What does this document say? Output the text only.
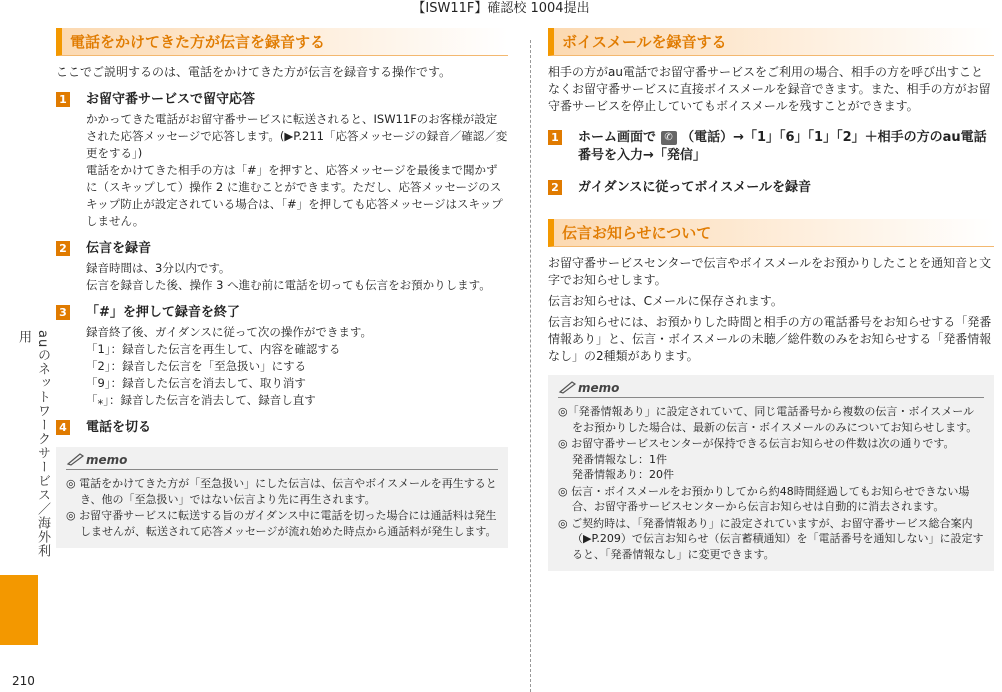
【ISW11F】確認校 1004提出
auのネットワークサービス／海外利用
210
電話をかけてきた方が伝言を録音する

ここでご説明するのは、電話をかけてきた方が伝言を録音する操作です。

1 お留守番サービスで留守応答
かかってきた電話がお留守番サービスに転送されると、ISW11Fのお客様が設定された応答メッセージで応答します。(▶P.211「応答メッセージの録音／確認／変更をする」)
電話をかけてきた相手の方は「#」を押すと、応答メッセージを最後まで聞かずに（スキップして）操作 2 に進むことができます。ただし、応答メッセージのスキップ防止が設定されている場合は、「#」を押しても応答メッセージはスキップしません。
2 伝言を録音
録音時間は、3分以内です。
伝言を録音した後、操作 3 へ進む前に電話を切っても伝言をお預かりします。
3 「#」を押して録音を終了
録音終了後、ガイダンスに従って次の操作ができます。
「1」：録音した伝言を再生して、内容を確認する
「2」：録音した伝言を「至急扱い」にする
「9」：録音した伝言を消去して、取り消す
「⁎」：録音した伝言を消去して、録音し直す
4 電話を切る
memo
◎ 電話をかけてきた方が「至急扱い」にした伝言は、伝言やボイスメールを再生するとき、他の「至急扱い」ではない伝言より先に再生されます。
◎ お留守番サービスに転送する旨のガイダンス中に電話を切った場合には通話料は発生しませんが、転送されて応答メッセージが流れ始めた時点から通話料が発生します。
ボイスメールを録音する

相手の方がau電話でお留守番サービスをご利用の場合、相手の方を呼び出すことなくお留守番サービスに直接ボイスメールを録音できます。また、相手の方がお留守番サービスを停止していてもボイスメールを残すことができます。

1 ホーム画面で ✆ （電話）→「1」「6」「1」「2」＋相手の方のau電話番号を入力→「発信」
2 ガイダンスに従ってボイスメールを録音
伝言お知らせについて

お留守番サービスセンターで伝言やボイスメールをお預かりしたことを通知音と文字でお知らせします。

伝言お知らせは、Cメールに保存されます。

伝言お知らせには、お預かりした時間と相手の方の電話番号をお知らせする「発番情報あり」と、伝言・ボイスメールの未聴／総件数のみをお知らせする「発番情報なし」の2種類があります。

memo
◎「発番情報あり」に設定されていて、同じ電話番号から複数の伝言・ボイスメールをお預かりした場合は、最新の伝言・ボイスメールのみについてお知らせします。
◎ お留守番サービスセンターが保持できる伝言お知らせの件数は次の通りです。
発番情報なし：1件
発番情報あり：20件
◎ 伝言・ボイスメールをお預かりしてから約48時間経過してもお知らせできない場合、お留守番サービスセンターから伝言お知らせは自動的に消去されます。
◎ ご契約時は、「発番情報あり」に設定されていますが、お留守番サービス総合案内（▶P.209）で伝言お知らせ（伝言蓄積通知）を「電話番号を通知しない」に設定すると、「発番情報なし」に変更できます。
